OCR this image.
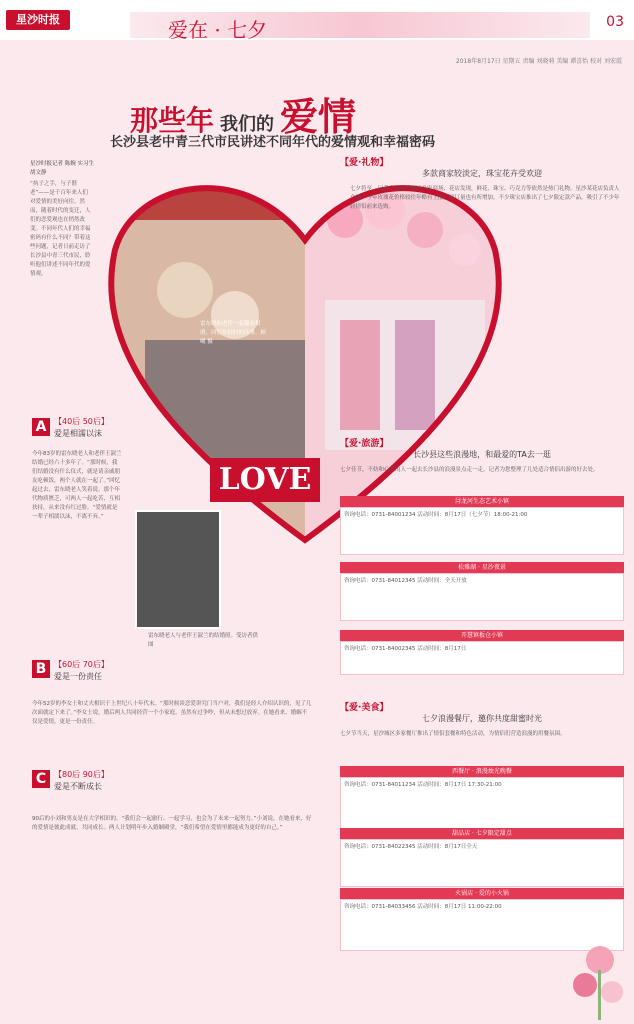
星沙时报	爱在 · 七夕	03
2018年8月17日 星期五 责编 刘晓莉 美编 谭喜怡 校对 刘宏霞
那些年 我们的 爱情
长沙县老中青三代市民讲述不同年代的爱情观和幸福密码
星沙时报记者 陈婉 实习生 胡文静
“执子之手，与子偕老”——是千百年来人们对爱情的美好向往。然而，随着时代的变迁，人们的恋爱观也在悄然改变。不同年代人们的幸福密码有什么不同？带着这些问题，记者日前走访了长沙县中青三代市民，聆听他们讲述不同年代的爱情观。
雷东晓和老伴一起翻看相册，回忆年轻时的往事。顾曦 摄
【爱·礼物】
多款商家较淡定，珠宝花卉受欢迎
七夕将至，记者走访星沙城区多家商场、花店发现，鲜花、珠宝、巧克力等依然是热门礼物。星沙某花店负责人介绍，今年玫瑰花价格较往年略有上涨，预订量也有所增加。不少珠宝店推出了七夕限定款产品，吸引了不少年轻情侣前来选购。
LOVE
A 【40后 50后】
爱是相濡以沫
今年83岁的雷东晓老人和老伴王淑兰结婚已经六十多年了。“那时候，我们结婚没有什么仪式，就是请亲戚朋友吃顿饭，两个人就在一起了。”回忆起过去，雷东晓老人笑着说。那个年代物质匮乏，可两人一起吃苦、互相扶持，从来没有红过脸。“爱情就是一辈子相濡以沫，不离不弃。”
雷东晓老人与老伴王淑兰的结婚照。受访者供图
B 【60后 70后】
爱是一份责任
今年52岁的李女士和丈夫相识于上世纪八十年代末。“那时候谈恋爱讲究门当户对，我们是经人介绍认识的，见了几次面就定下来了。”李女士说，婚后两人共同经营一个小家庭，虽然有过争吵，但从未想过放弃。在她看来，婚姻不仅是爱情，更是一份责任。
C 【80后 90后】
爱是不断成长
90后的小刘和男友是在大学相识的。“我们会一起旅行、一起学习，也会为了未来一起努力。”小刘说，在她看来，好的爱情是彼此成就、共同成长。两人计划明年步入婚姻殿堂，“我们希望在爱情里都能成为更好的自己。”
【爱·旅游】
长沙县这些浪漫地，和最爱的TA去一逛
七夕佳节，不妨和心爱的人一起去长沙县的浪漫景点走一走。记者为您整理了几处适合情侣出游的好去处。
浔龙河生态艺术小镇
咨询电话：0731-84001234 活动时间：8月17日（七夕节）18:00-21:00
松雅湖 · 星沙夜景
咨询电话：0731-84012345 活动时间：全天开放
开慧镇板仓小镇
咨询电话：0731-84002345 活动时间：8月17日
【爱·美食】
七夕浪漫餐厅，邀你共度甜蜜时光
七夕节当天，星沙城区多家餐厅推出了情侣套餐和特色活动，为情侣们营造浪漫的用餐氛围。
西餐厅 · 浪漫烛光晚餐
咨询电话：0731-84011234 活动时间：8月17日 17:30-21:00
甜品店 · 七夕限定甜点
咨询电话：0731-84022345 活动时间：8月17日全天
火锅店 · 爱的小火锅
咨询电话：0731-84033456 活动时间：8月17日 11:00-22:00
